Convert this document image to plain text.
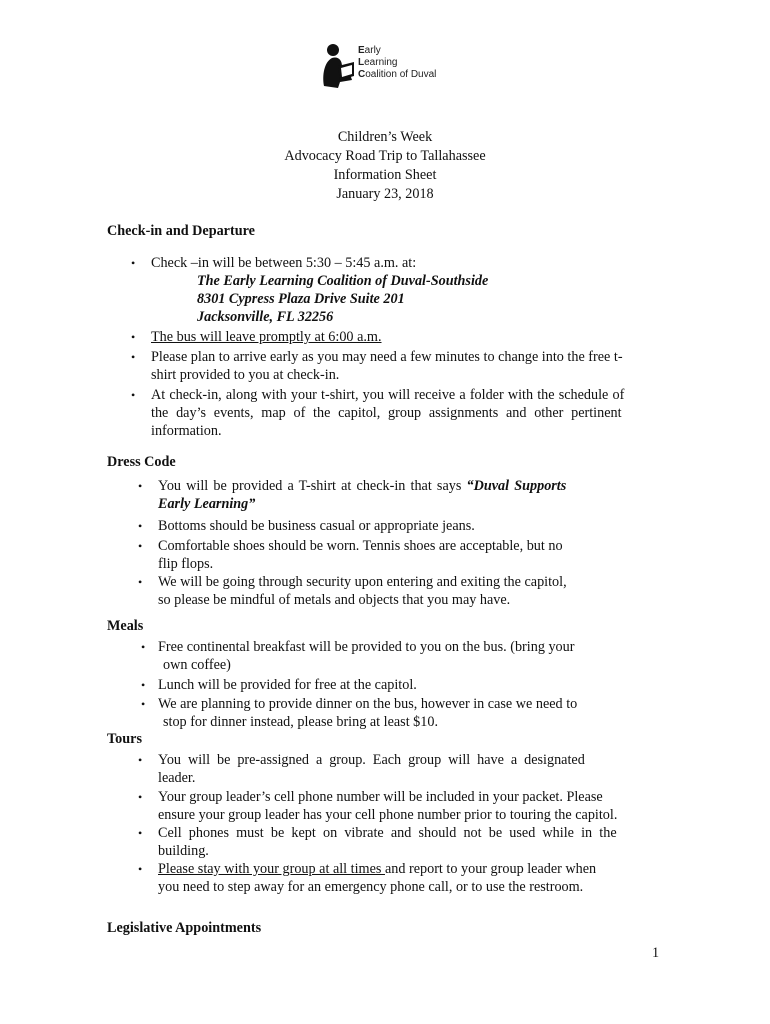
Early
Learning
Coalition of Duval
Children’s Week
Advocacy Road Trip to Tallahassee
Information Sheet
January 23, 2018
Check-in and Departure
•	Check –in will be between 5:30 – 5:45 a.m. at:
The Early Learning Coalition of Duval-Southside
8301 Cypress Plaza Drive Suite 201
Jacksonville, FL 32256
•	The bus will leave promptly at 6:00 a.m.
•	Please plan to arrive early as you may need a few minutes to change into the free t-
shirt provided to you at check-in.
•	At check-in, along with your t-shirt, you will receive a folder with the schedule of
the day’s events, map of the capitol, group assignments and other pertinent
information.
Dress Code
•	You will be provided a T-shirt at check-in that says “Duval Supports
Early Learning”
•	Bottoms should be business casual or appropriate jeans.
•	Comfortable shoes should be worn. Tennis shoes are acceptable, but no
flip flops.
•	We will be going through security upon entering and exiting the capitol,
so please be mindful of metals and objects that you may have.
Meals
• Free continental breakfast will be provided to you on the bus. (bring your
own coffee)
• Lunch will be provided for free at the capitol.
• We are planning to provide dinner on the bus, however in case we need to
stop for dinner instead, please bring at least $10.
Tours
•	You will be pre-assigned a group. Each group will have a designated
leader.
•	Your group leader’s cell phone number will be included in your packet. Please
ensure your group leader has your cell phone number prior to touring the capitol.
•	Cell phones must be kept on vibrate and should not be used while in the
building.
•	Please stay with your group at all times and report to your group leader when
you need to step away for an emergency phone call, or to use the restroom.
Legislative Appointments
1
